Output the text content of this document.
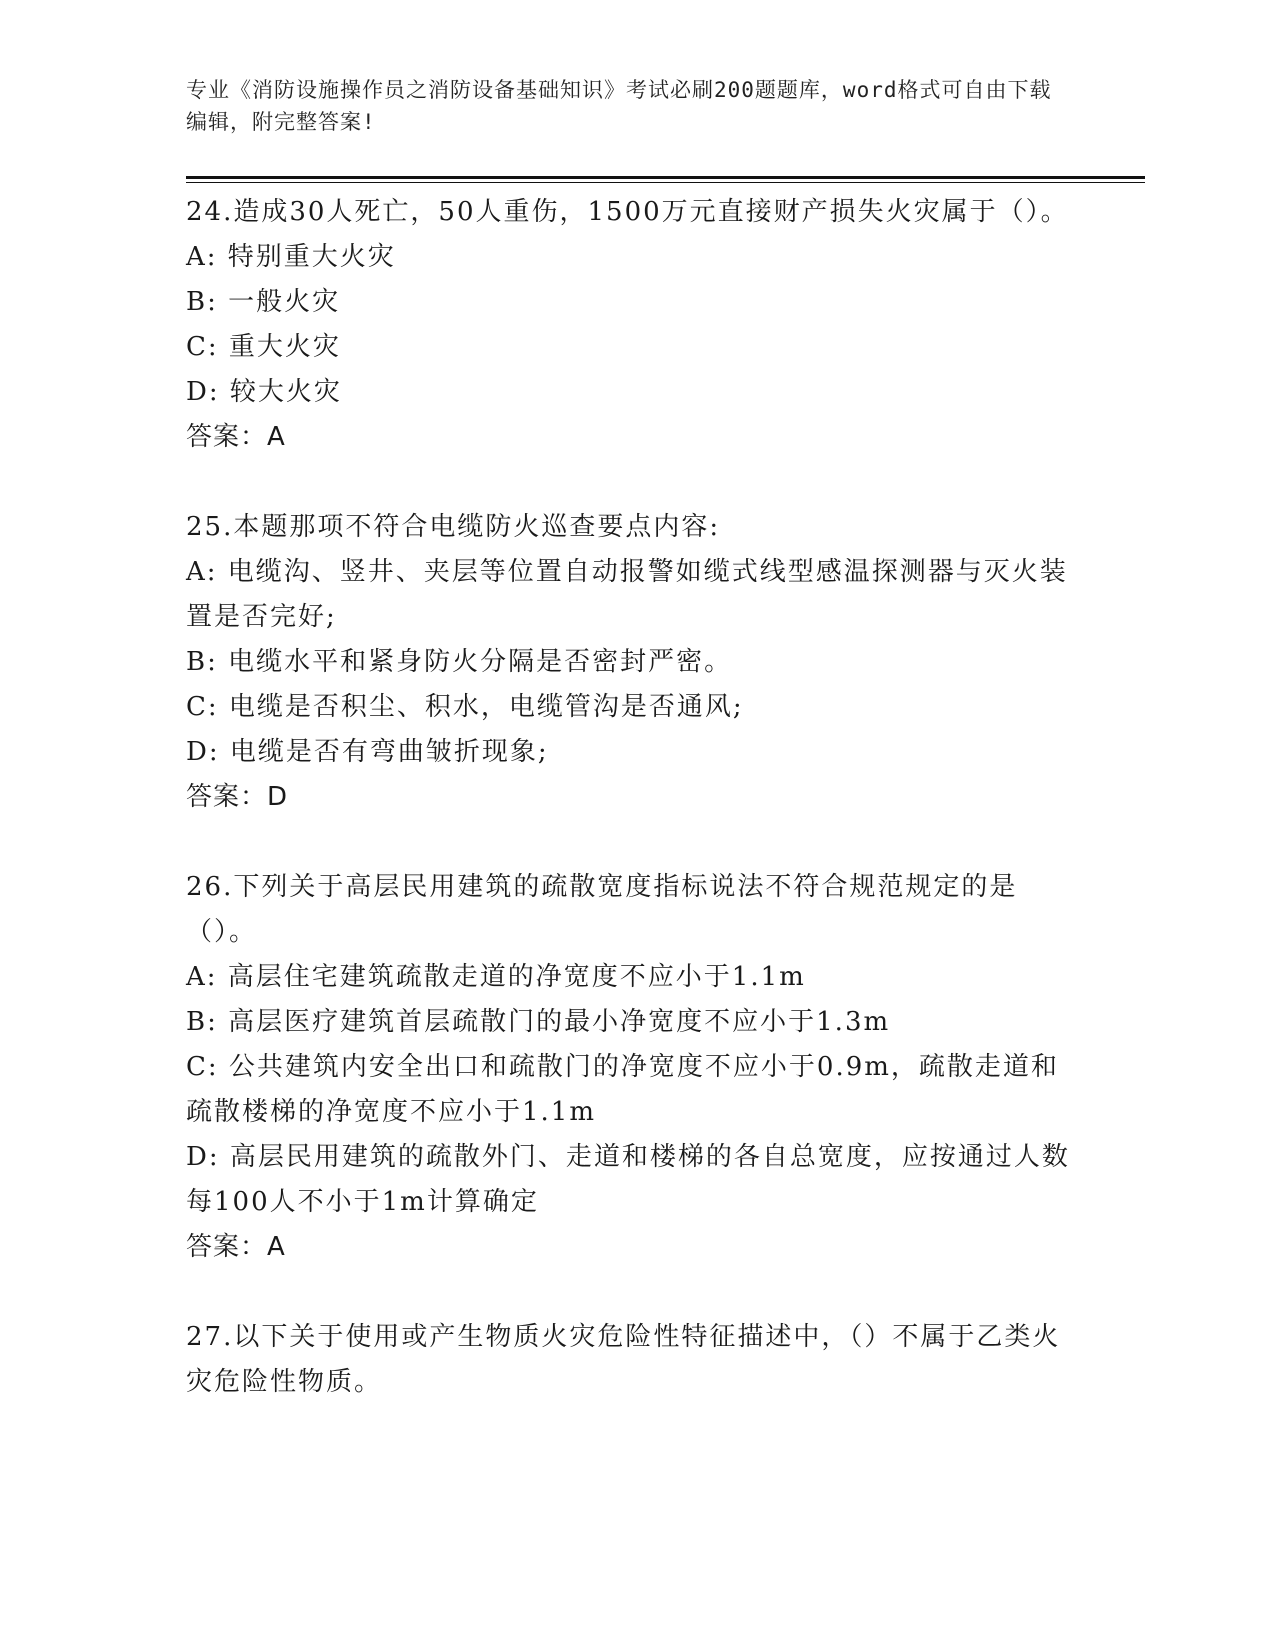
专业《消防设施操作员之消防设备基础知识》考试必刷200题题库，word格式可自由下载编辑，附完整答案!

24.造成30人死亡，50人重伤，1500万元直接财产损失火灾属于（）。

A: 特别重大火灾

B: 一般火灾

C: 重大火灾

D: 较大火灾

答案：A

25.本题那项不符合电缆防火巡查要点内容:

A: 电缆沟、竖井、夹层等位置自动报警如缆式线型感温探测器与灭火装置是否完好;

B: 电缆水平和紧身防火分隔是否密封严密。

C: 电缆是否积尘、积水，电缆管沟是否通风;

D: 电缆是否有弯曲皱折现象;

答案：D

26.下列关于高层民用建筑的疏散宽度指标说法不符合规范规定的是（）。

A: 高层住宅建筑疏散走道的净宽度不应小于1.1m

B: 高层医疗建筑首层疏散门的最小净宽度不应小于1.3m

C: 公共建筑内安全出口和疏散门的净宽度不应小于0.9m，疏散走道和疏散楼梯的净宽度不应小于1.1m

D: 高层民用建筑的疏散外门、走道和楼梯的各自总宽度，应按通过人数每100人不小于1m计算确定

答案：A

27.以下关于使用或产生物质火灾危险性特征描述中，（）不属于乙类火灾危险性物质。
